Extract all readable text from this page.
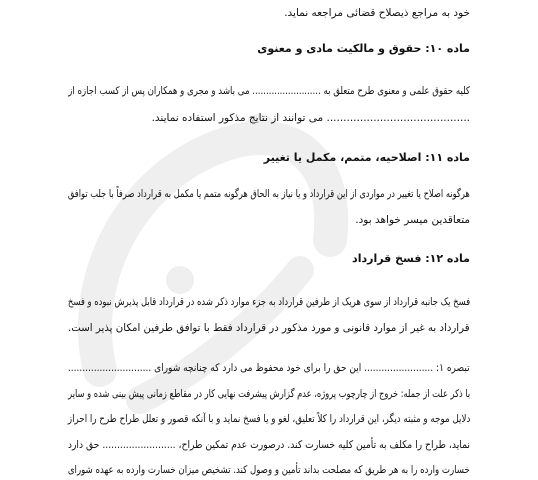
خود به مراجع ذیصلاح قضائی مراجعه نماید.
ماده ۱۰: حقوق و مالکیت مادی و معنوی
کلیه حقوق علمی و معنوی طرح متعلق به ......................... می باشد و مجری و همکاران پس از کسب اجازه از
........................................... می توانند از نتایج مذکور استفاده نمایند.
ماده ۱۱: اصلاحیه، متمم، مکمل یا تغییر
هرگونه اصلاح یا تغییر در مواردی از این قرارداد و یا نیاز به الحاق هرگونه متمم یا مکمل به قرارداد صرفاً با جلب توافق
متعاقدین میسر خواهد بود.
ماده ۱۲: فسخ قرارداد
فسخ یک جانبه قرارداد از سوی هریک از طرفین قرارداد به جزء موارد ذکر شده در قرارداد قابل پذیرش نبوده و فسخ
قرارداد به غیر از موارد قانونی و مورد مذکور در قرارداد فقط با توافق طرفین امکان پذیر است.
تبصره ۱: ........................ این حق را برای خود محفوظ می دارد که چنانچه شورای .............................
با ذکر علت از جمله: خروج از چارچوب پروژه، عدم گزارش پیشرفت نهایی کار در مقاطع زمانی پیش بینی شده و سایر
دلایل موجه و مثبته دیگر، این قرارداد را کلاً تعلیق، لغو و یا فسخ نماید و با آنکه قصور و تعلل طراح طرح را احراز
نماید، طراح را مکلف به تأمین کلیه خسارت کند. درصورت عدم تمکین طراح، ......................... حق دارد
خسارت وارده را به هر طریق که مصلحت بداند تأمین و وصول کند. تشخیص میزان خسارت وارده به عهده شورای
